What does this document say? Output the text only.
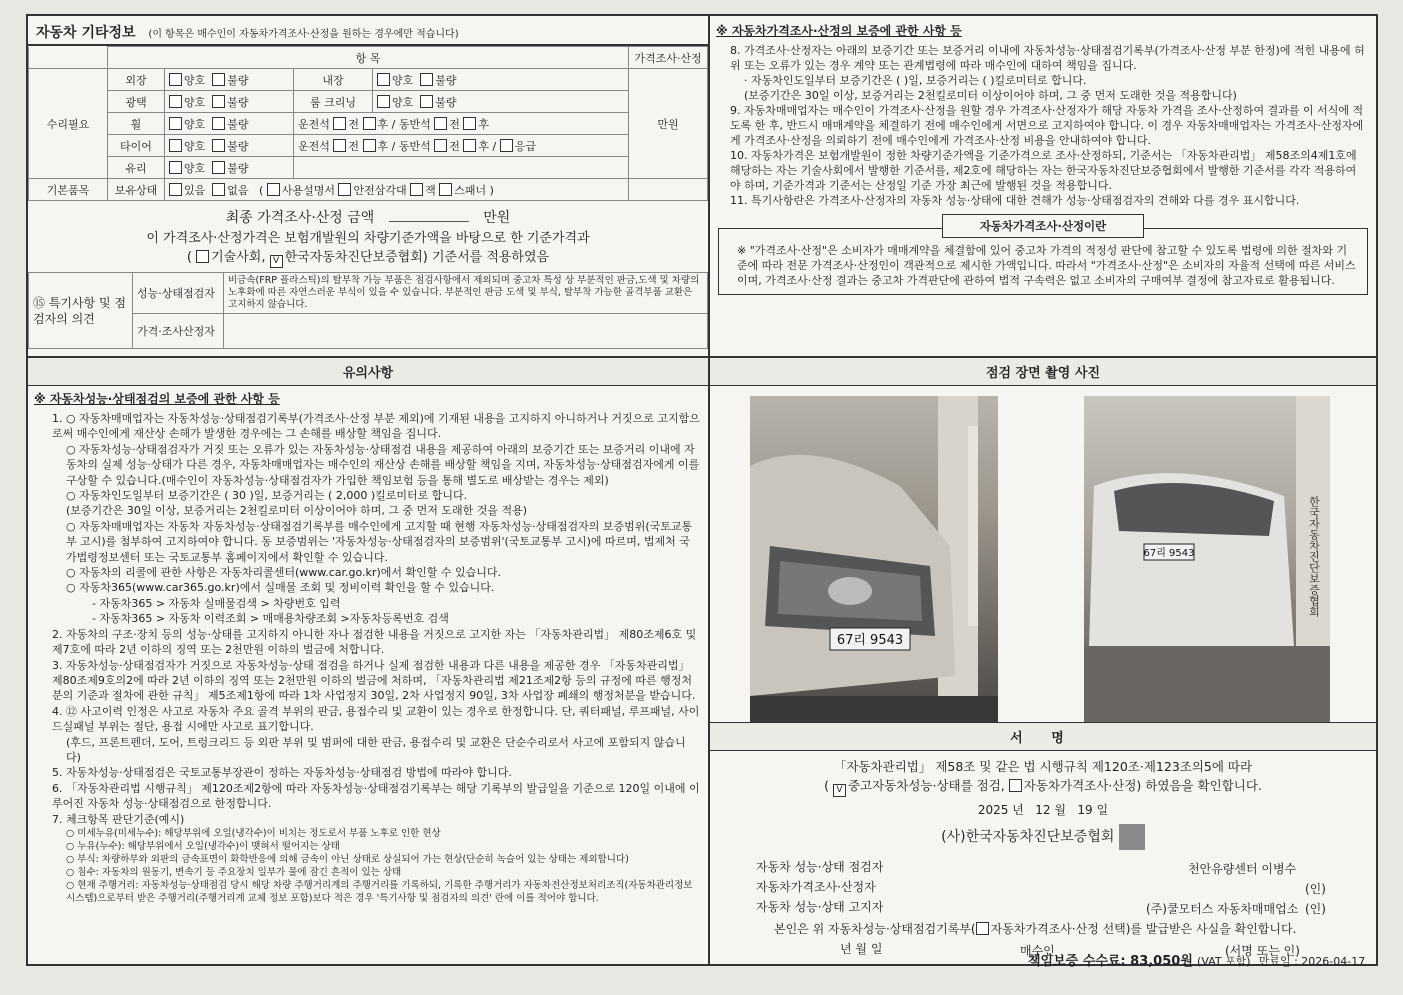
자동차 기타정보 (이 항목은 매수인이 자동차가격조사·산정을 원하는 경우에만 적습니다)
	항 목				가격조사·산정
수리필요	외장	양호 불량	내장	양호 불량	만원
	광택	양호 불량	룸 크리닝	양호 불량	
	휠	양호 불량	운전석 전 후 / 동반석 전 후		
	타이어	양호 불량	운전석 전 후 / 동반석 전 후 / 응급		
	유리	양호 불량			
기본품목	보유상태	있음 없음   ( 사용설명서 안전삼각대 잭 스패너 )			
최종 가격조사·산정 금액	만원
이 가격조사·산정가격은 보험개발원의 차량기준가액을 바탕으로 한 기준가격과
( 기술사회, V 한국자동차진단보증협회) 기준서를 적용하였음
⑮ 특기사항 및 점검자의 의견	성능·상태점검자	비금속(FRP 플라스틱)의 탈부착 가능 부품은 점검사항에서 제외되며 중고차 특성 상 부분적인 판금,도색 및 차량의 노후화에 따른 자연스러운 부식이 있을 수 있습니다. 부분적인 판금 도색 및 부식, 탈부착 가능한 골격부품 교환은 고지하지 않습니다.
	가격·조사산정자	
※ 자동차가격조사·산정의 보증에 관한 사항 등

8. 가격조사·산정자는 아래의 보증기간 또는 보증거리 이내에 자동차성능·상태점검기록부(가격조사·산정 부분 한정)에 적힌 내용에 허위 또는 오류가 있는 경우 계약 또는 관계법령에 따라 매수인에 대하여 책임을 집니다.

· 자동차인도일부터 보증기간은 ( )일, 보증거리는 ( )킬로미터로 합니다.

(보증기간은 30일 이상, 보증거리는 2천킬로미터 이상이어야 하며, 그 중 먼저 도래한 것을 적용합니다)

9. 자동차매매업자는 매수인이 가격조사·산정을 원할 경우 가격조사·산정자가 해당 자동차 가격을 조사·산정하여 결과를 이 서식에 적도록 한 후, 반드시 매매계약을 체결하기 전에 매수인에게 서면으로 고지하여야 합니다. 이 경우 자동차매매업자는 가격조사·산정자에게 가격조사·산정을 의뢰하기 전에 매수인에게 가격조사·산정 비용을 안내하여야 합니다.

10. 자동차가격은 보험개발원이 정한 차량기준가액을 기준가격으로 조사·산정하되, 기준서는 「자동차관리법」 제58조의4제1호에 해당하는 자는 기술사회에서 발행한 기준서를, 제2호에 해당하는 자는 한국자동차진단보증협회에서 발행한 기준서를 각각 적용하여야 하며, 기준가격과 기준서는 산정일 기준 가장 최근에 발행된 것을 적용합니다.

11. 특기사항란은 가격조사·산정자의 자동차 성능·상태에 대한 견해가 성능·상태점검자의 견해와 다를 경우 표시합니다.

자동차가격조사·산정이란
※ "가격조사·산정"은 소비자가 매매계약을 체결함에 있어 중고차 가격의 적정성 판단에 참고할 수 있도록 법령에 의한 절차와 기준에 따라 전문 가격조사·산정인이 객관적으로 제시한 가액입니다. 따라서 "가격조사·산정"은 소비자의 자율적 선택에 따른 서비스이며, 가격조사·산정 결과는 중고차 가격판단에 관하여 법적 구속력은 없고 소비자의 구매여부 결정에 참고자료로 활용됩니다.
유의사항
※ 자동차성능·상태점검의 보증에 관한 사항 등

1. ○ 자동차매매업자는 자동차성능·상태점검기록부(가격조사·산정 부분 제외)에 기재된 내용을 고지하지 아니하거나 거짓으로 고지함으로써 매수인에게 재산상 손해가 발생한 경우에는 그 손해를 배상할 책임을 집니다.

○ 자동차성능·상태점검자가 거짓 또는 오류가 있는 자동차성능·상태점검 내용을 제공하여 아래의 보증기간 또는 보증거리 이내에 자동차의 실제 성능·상태가 다른 경우, 자동차매매업자는 매수인의 재산상 손해를 배상할 책임을 지며, 자동차성능·상태점검자에게 이를 구상할 수 있습니다.(매수인이 자동차성능·상태점검자가 가입한 책임보험 등을 통해 별도로 배상받는 경우는 제외)

○ 자동차인도일부터 보증기간은 ( 30 )일, 보증거리는 ( 2,000 )킬로미터로 합니다.

(보증기간은 30일 이상, 보증거리는 2천킬로미터 이상이어야 하며, 그 중 먼저 도래한 것을 적용)

○ 자동차매매업자는 자동차 자동차성능·상태점검기록부를 매수인에게 고지할 때 현행 자동차성능·상태점검자의 보증범위(국토교통부 고시)를 첨부하여 고지하여야 합니다. 동 보증범위는 '자동차성능·상태점검자의 보증범위'(국토교통부 고시)에 따르며, 법제처 국가법령정보센터 또는 국토교통부 홈페이지에서 확인할 수 있습니다.

○ 자동차의 리콜에 관한 사항은 자동차리콜센터(www.car.go.kr)에서 확인할 수 있습니다.

○ 자동차365(www.car365.go.kr)에서 실매물 조회 및 정비이력 확인을 할 수 있습니다.

- 자동차365 > 자동차 실매물검색 > 차량번호 입력

- 자동차365 > 자동차 이력조회 > 매매용차량조회 >자동차등록번호 검색

2. 자동차의 구조·장치 등의 성능·상태를 고지하지 아니한 자나 점검한 내용을 거짓으로 고지한 자는 「자동차관리법」 제80조제6호 및 제7호에 따라 2년 이하의 징역 또는 2천만원 이하의 벌금에 처합니다.

3. 자동차성능·상태점검자가 거짓으로 자동차성능·상태 점검을 하거나 실제 점검한 내용과 다른 내용을 제공한 경우 「자동차관리법」 제80조제9호의2에 따라 2년 이하의 징역 또는 2천만원 이하의 벌금에 처하며, 「자동차관리법 제21조제2항 등의 규정에 따른 행정처분의 기준과 절차에 관한 규칙」 제5조제1항에 따라 1차 사업정지 30일, 2차 사업정지 90일, 3차 사업장 폐쇄의 행정처분을 받습니다.

4. ⑫ 사고이력 인정은 사고로 자동차 주요 골격 부위의 판금, 용접수리 및 교환이 있는 경우로 한정합니다. 단, 쿼터패널, 루프패널, 사이드실패널 부위는 절단, 용접 시에만 사고로 표기합니다.

(후드, 프론트펜더, 도어, 트렁크리드 등 외판 부위 및 범퍼에 대한 판금, 용접수리 및 교환은 단순수리로서 사고에 포함되지 않습니다)

5. 자동차성능·상태점검은 국토교통부장관이 정하는 자동차성능·상태점검 방법에 따라야 합니다.

6. 「자동차관리법 시행규칙」 제120조제2항에 따라 자동차성능·상태점검기록부는 해당 기록부의 발급일을 기준으로 120일 이내에 이루어진 자동차 성능·상태점검으로 한정합니다.

7. 체크항목 판단기준(예시)

○ 미세누유(미세누수): 해당부위에 오일(냉각수)이 비치는 정도로서 부품 노후로 인한 현상

○ 누유(누수): 해당부위에서 오일(냉각수)이 맺혀서 떨어지는 상태

○ 부식: 차량하부와 외판의 금속표면이 화학반응에 의해 금속이 아닌 상태로 상실되어 가는 현상(단순히 녹슬어 있는 상태는 제외합니다)

○ 침수: 자동차의 원동기, 변속기 등 주요장치 일부가 물에 잠긴 흔적이 있는 상태

○ 현재 주행거리: 자동차성능·상태점검 당시 해당 차량 주행거리계의 주행거리를 기록하되, 기록한 주행거리가 자동차전산정보처리조직(자동차관리정보시스템)으로부터 받은 주행거리(주행거리계 교체 정보 포함)보다 적은 경우 '특기사항 및 점검자의 의견' 란에 이를 적어야 합니다.

점검 장면 촬영 사진
67리 9543
67리 9543	한국자동차진단보증협회
서 명
「자동차관리법」 제58조 및 같은 법 시행규칙 제120조·제123조의5에 따라
( V 중고자동차성능·상태를 점검, 자동차가격조사·산정) 하였음을 확인합니다.
2025 년 12 월 19 일
(사)한국자동차진단보증협회
자동차 성능·상태 점검자	천안유량센터 이병수
자동차가격조사·산정자	(인)
자동차 성능·상태 고지자	(주)쿨모터스 자동차매매업소 (인)
본인은 위 자동차성능·상태점검기록부( 자동차가격조사·산정 선택)를 발급받은 사실을 확인합니다.
년 월 일	매수인	(서명 또는 인)
책임보증 수수료: 83,050원 (VAT 포함) 만료일 : 2026-04-17
